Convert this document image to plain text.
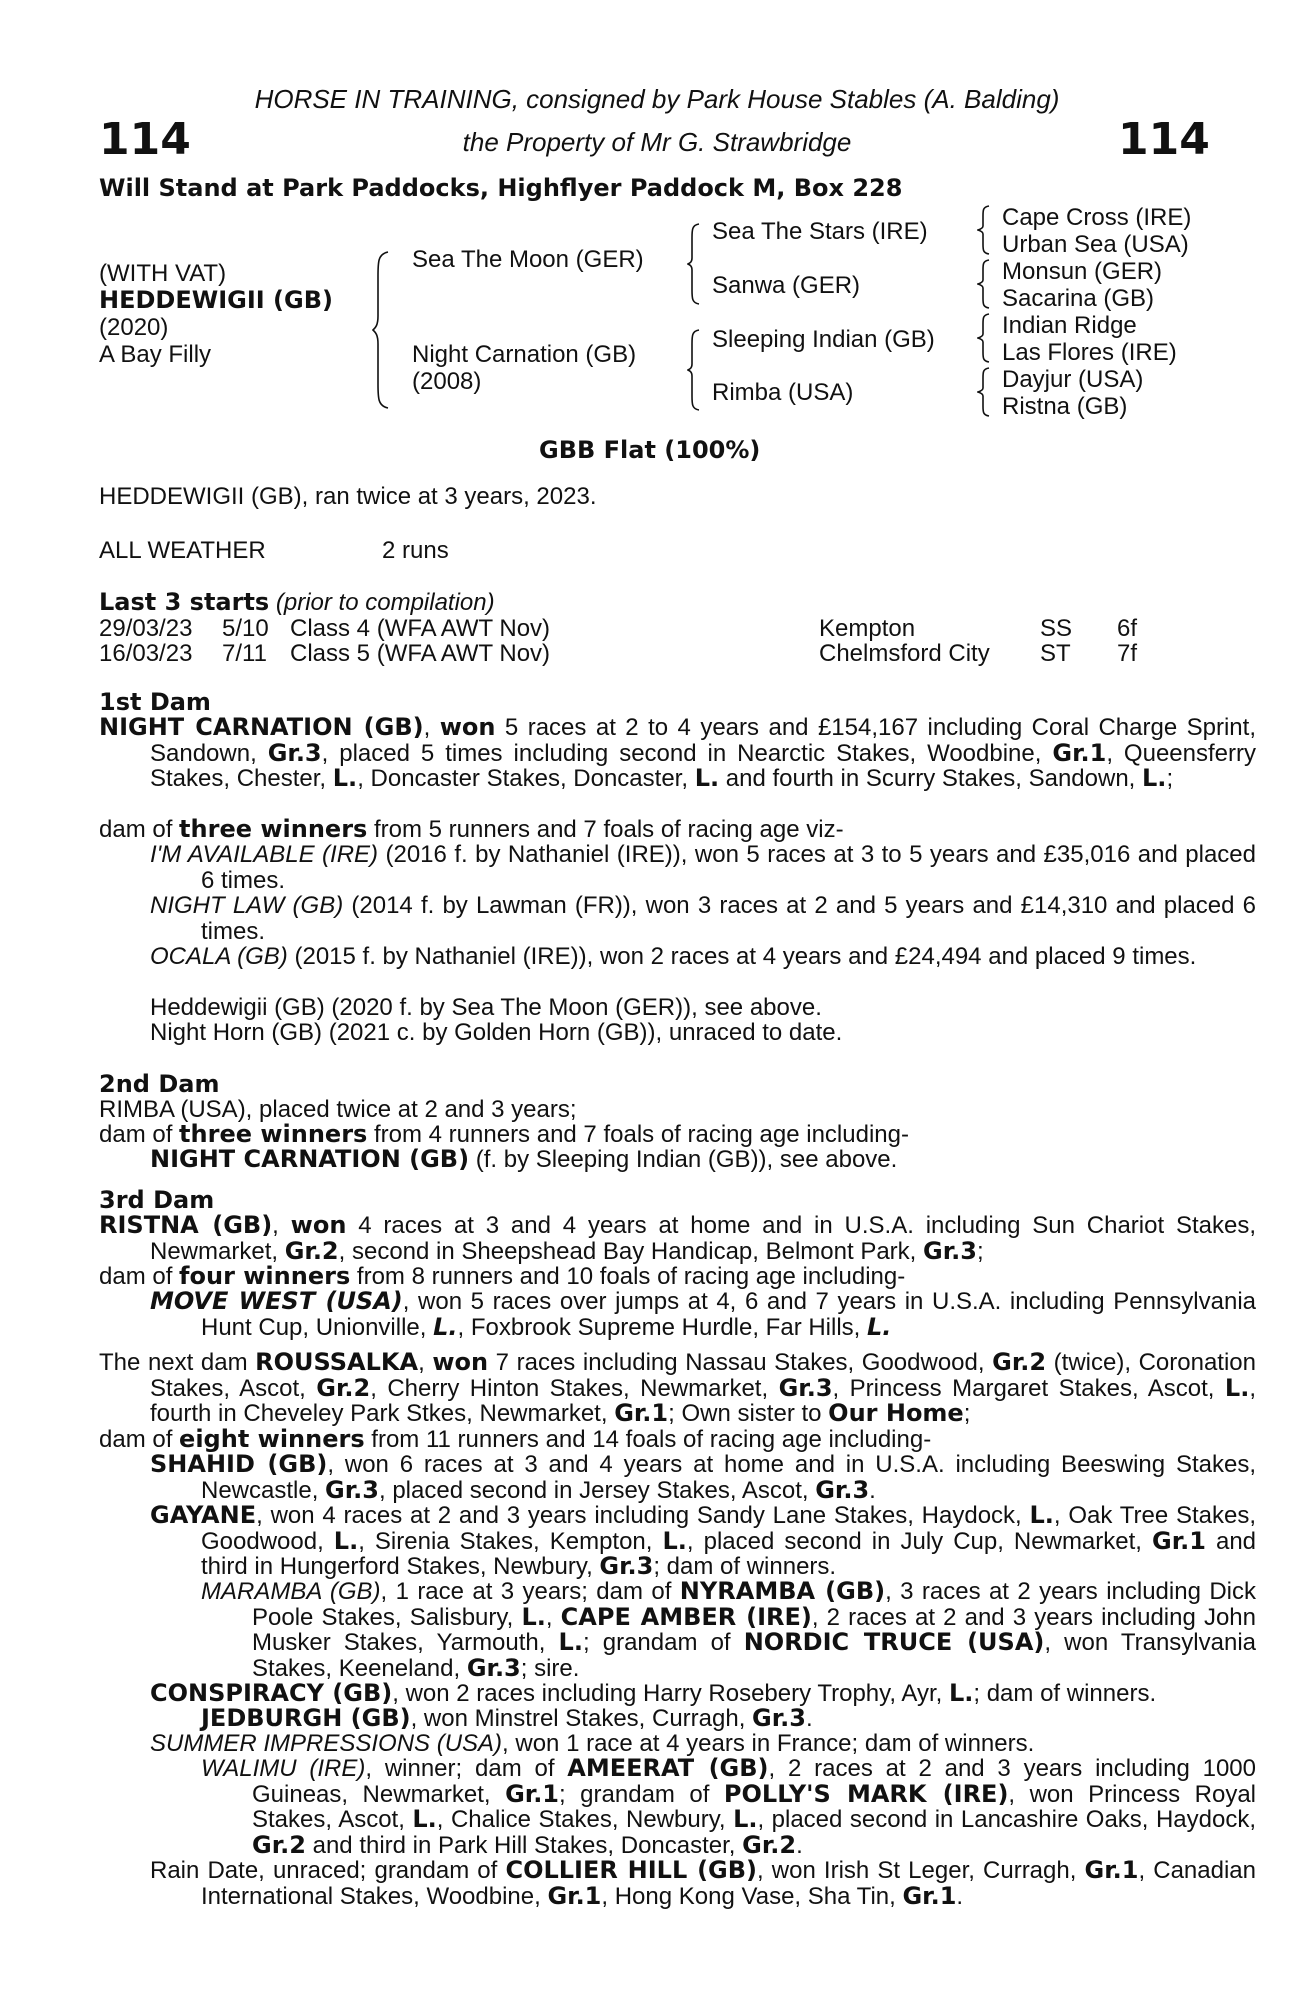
114	114
HORSE IN TRAINING, consigned by Park House Stables (A. Balding)
the Property of Mr G. Strawbridge
Will Stand at Park Paddocks, Highflyer Paddock M, Box 228
(WITH VAT)
HEDDEWIGII (GB)
(2020)
A Bay Filly
Sea The Moon (GER)
Night Carnation (GB)
(2008)
Sea The Stars (IRE)
Sanwa (GER)
Sleeping Indian (GB)
Rimba (USA)
Cape Cross (IRE)
Urban Sea (USA)
Monsun (GER)
Sacarina (GB)
Indian Ridge
Las Flores (IRE)
Dayjur (USA)
Ristna (GB)
GBB Flat (100%)
HEDDEWIGII (GB), ran twice at 3 years, 2023.
ALL WEATHER	2 runs
Last 3 starts (prior to compilation)
29/03/23 5/10 Class 4 (WFA AWT Nov)	Kempton	SS 6f
16/03/23 7/11 Class 5 (WFA AWT Nov)	Chelmsford City ST 7f
1st Dam
NIGHT CARNATION (GB), won 5 races at 2 to 4 years and £154,167 including Coral Charge Sprint, Sandown, Gr.3, placed 5 times including second in Nearctic Stakes, Woodbine, Gr.1, Queensferry Stakes, Chester, L., Doncaster Stakes, Doncaster, L. and fourth in Scurry Stakes, Sandown, L.;
dam of three winners from 5 runners and 7 foals of racing age viz-
I'M AVAILABLE (IRE) (2016 f. by Nathaniel (IRE)), won 5 races at 3 to 5 years and £35,016 and placed 6 times.
NIGHT LAW (GB) (2014 f. by Lawman (FR)), won 3 races at 2 and 5 years and £14,310 and placed 6 times.
OCALA (GB) (2015 f. by Nathaniel (IRE)), won 2 races at 4 years and £24,494 and placed 9 times.
Heddewigii (GB) (2020 f. by Sea The Moon (GER)), see above.
Night Horn (GB) (2021 c. by Golden Horn (GB)), unraced to date.
2nd Dam
RIMBA (USA), placed twice at 2 and 3 years;
dam of three winners from 4 runners and 7 foals of racing age including-
NIGHT CARNATION (GB) (f. by Sleeping Indian (GB)), see above.
3rd Dam
RISTNA (GB), won 4 races at 3 and 4 years at home and in U.S.A. including Sun Chariot Stakes, Newmarket, Gr.2, second in Sheepshead Bay Handicap, Belmont Park, Gr.3;
dam of four winners from 8 runners and 10 foals of racing age including-
MOVE WEST (USA), won 5 races over jumps at 4, 6 and 7 years in U.S.A. including Pennsylvania Hunt Cup, Unionville, L., Foxbrook Supreme Hurdle, Far Hills, L.
The next dam ROUSSALKA, won 7 races including Nassau Stakes, Goodwood, Gr.2 (twice), Coronation Stakes, Ascot, Gr.2, Cherry Hinton Stakes, Newmarket, Gr.3, Princess Margaret Stakes, Ascot, L., fourth in Cheveley Park Stkes, Newmarket, Gr.1; Own sister to Our Home;
dam of eight winners from 11 runners and 14 foals of racing age including-
SHAHID (GB), won 6 races at 3 and 4 years at home and in U.S.A. including Beeswing Stakes, Newcastle, Gr.3, placed second in Jersey Stakes, Ascot, Gr.3.
GAYANE, won 4 races at 2 and 3 years including Sandy Lane Stakes, Haydock, L., Oak Tree Stakes, Goodwood, L., Sirenia Stakes, Kempton, L., placed second in July Cup, Newmarket, Gr.1 and third in Hungerford Stakes, Newbury, Gr.3; dam of winners.
MARAMBA (GB), 1 race at 3 years; dam of NYRAMBA (GB), 3 races at 2 years including Dick Poole Stakes, Salisbury, L., CAPE AMBER (IRE), 2 races at 2 and 3 years including John Musker Stakes, Yarmouth, L.; grandam of NORDIC TRUCE (USA), won Transylvania Stakes, Keeneland, Gr.3; sire.
CONSPIRACY (GB), won 2 races including Harry Rosebery Trophy, Ayr, L.; dam of winners.
JEDBURGH (GB), won Minstrel Stakes, Curragh, Gr.3.
SUMMER IMPRESSIONS (USA), won 1 race at 4 years in France; dam of winners.
WALIMU (IRE), winner; dam of AMEERAT (GB), 2 races at 2 and 3 years including 1000 Guineas, Newmarket, Gr.1; grandam of POLLY'S MARK (IRE), won Princess Royal Stakes, Ascot, L., Chalice Stakes, Newbury, L., placed second in Lancashire Oaks, Haydock, Gr.2 and third in Park Hill Stakes, Doncaster, Gr.2.
Rain Date, unraced; grandam of COLLIER HILL (GB), won Irish St Leger, Curragh, Gr.1, Canadian International Stakes, Woodbine, Gr.1, Hong Kong Vase, Sha Tin, Gr.1.
